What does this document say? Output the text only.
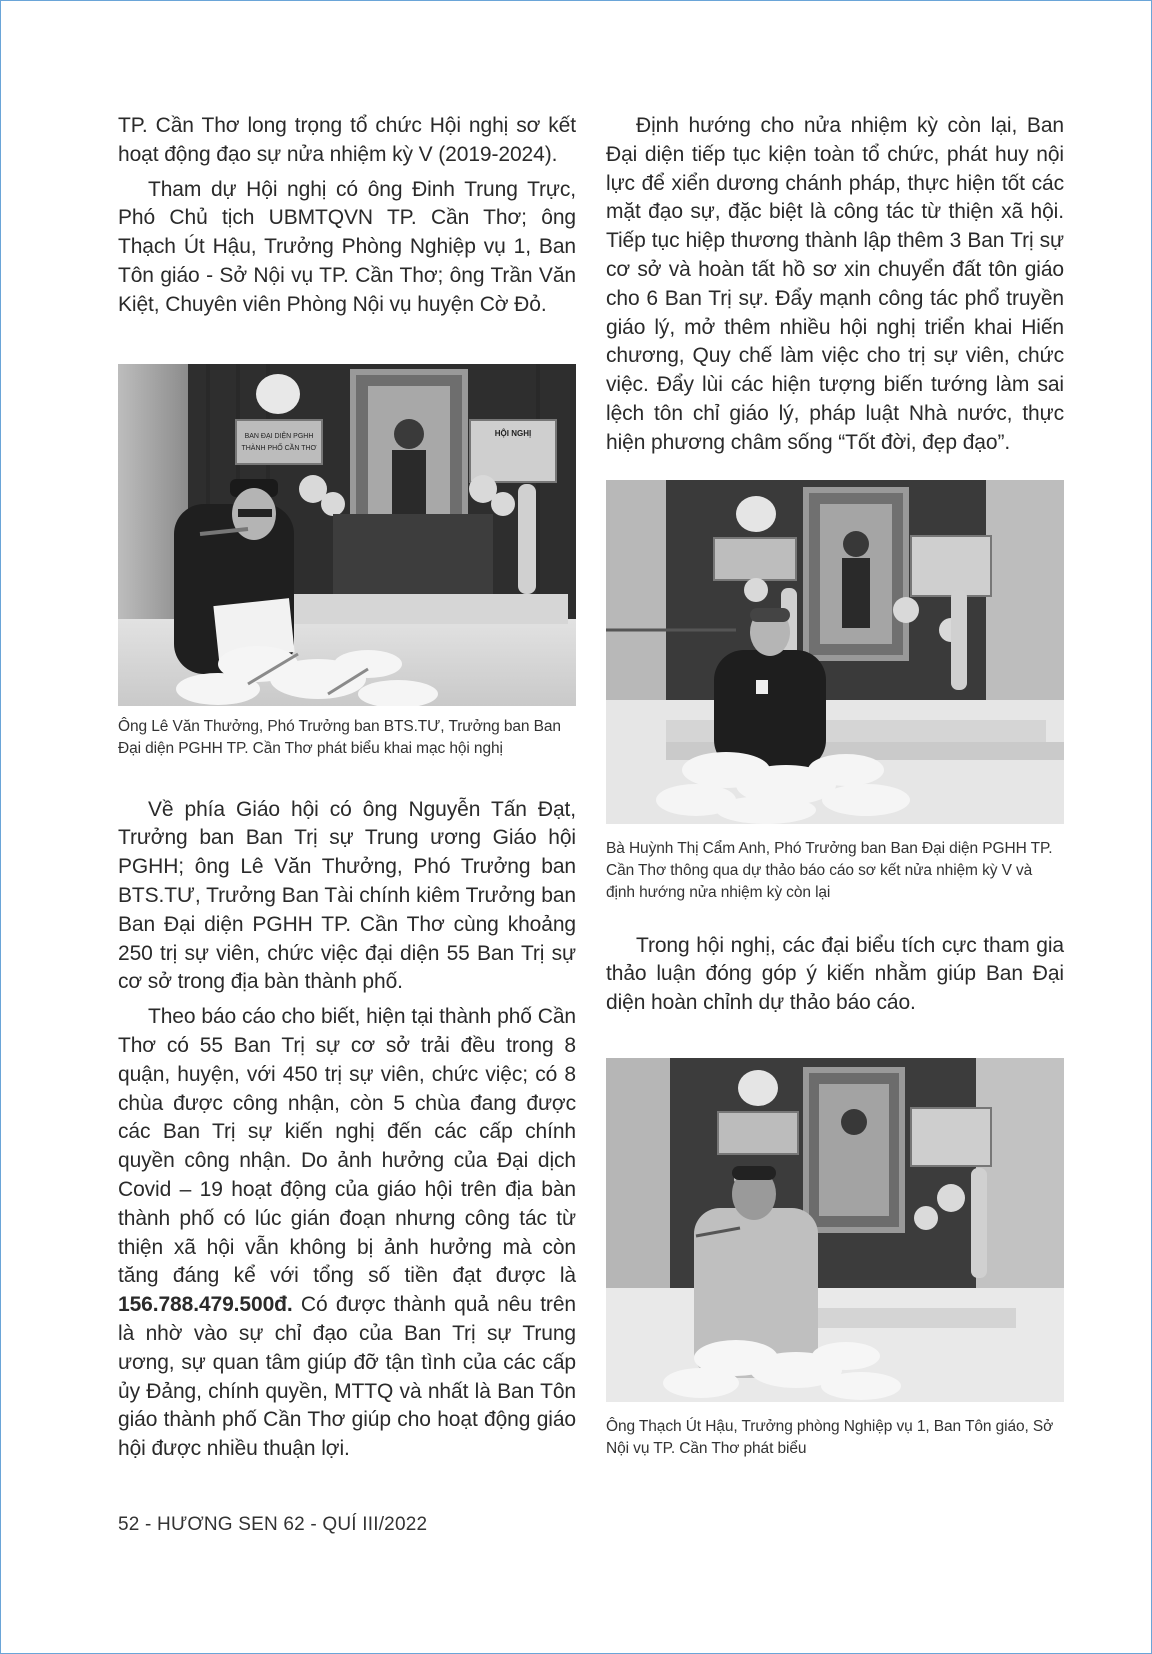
TP. Cần Thơ long trọng tổ chức Hội nghị sơ kết hoạt động đạo sự nửa nhiệm kỳ V (2019-2024).

Tham dự Hội nghị có ông Đinh Trung Trực, Phó Chủ tịch UBMTQVN TP. Cần Thơ; ông Thạch Út Hậu, Trưởng Phòng Nghiệp vụ 1, Ban Tôn giáo - Sở Nội vụ TP. Cần Thơ; ông Trần Văn Kiệt, Chuyên viên Phòng Nội vụ huyện Cờ Đỏ.

BAN ĐẠI DIỆN PGHH
THÀNH PHỐ CẦN THƠ
HỘI NGHỊ

Ông Lê Văn Thưởng, Phó Trưởng ban BTS.TƯ, Trưởng ban Ban Đại diện PGHH TP. Cần Thơ phát biểu khai mạc hội nghị

Về phía Giáo hội có ông Nguyễn Tấn Đạt, Trưởng ban Ban Trị sự Trung ương Giáo hội PGHH; ông Lê Văn Thưởng, Phó Trưởng ban BTS.TƯ, Trưởng Ban Tài chính kiêm Trưởng ban Ban Đại diện PGHH TP. Cần Thơ cùng khoảng 250 trị sự viên, chức việc đại diện 55 Ban Trị sự cơ sở trong địa bàn thành phố.

Theo báo cáo cho biết, hiện tại thành phố Cần Thơ có 55 Ban Trị sự cơ sở trải đều trong 8 quận, huyện, với 450 trị sự viên, chức việc; có 8 chùa được công nhận, còn 5 chùa đang được các Ban Trị sự kiến nghị đến các cấp chính quyền công nhận. Do ảnh hưởng của Đại dịch Covid – 19 hoạt động của giáo hội trên địa bàn thành phố có lúc gián đoạn nhưng công tác từ thiện xã hội vẫn không bị ảnh hưởng mà còn tăng đáng kể với tổng số tiền đạt được là 156.788.479.500đ. Có được thành quả nêu trên là nhờ vào sự chỉ đạo của Ban Trị sự Trung ương, sự quan tâm giúp đỡ tận tình của các cấp ủy Đảng, chính quyền, MTTQ và nhất là Ban Tôn giáo thành phố Cần Thơ giúp cho hoạt động giáo hội được nhiều thuận lợi.

Định hướng cho nửa nhiệm kỳ còn lại, Ban Đại diện tiếp tục kiện toàn tổ chức, phát huy nội lực để xiển dương chánh pháp, thực hiện tốt các mặt đạo sự, đặc biệt là công tác từ thiện xã hội. Tiếp tục hiệp thương thành lập thêm 3 Ban Trị sự cơ sở và hoàn tất hồ sơ xin chuyển đất tôn giáo cho 6 Ban Trị sự. Đẩy mạnh công tác phổ truyền giáo lý, mở thêm nhiều hội nghị triển khai Hiến chương, Quy chế làm việc cho trị sự viên, chức việc. Đẩy lùi các hiện tượng biến tướng làm sai lệch tôn chỉ giáo lý, pháp luật Nhà nước, thực hiện phương châm sống “Tốt đời, đẹp đạo”.

Bà Huỳnh Thị Cẩm Anh, Phó Trưởng ban Ban Đại diện PGHH TP. Cần Thơ thông qua dự thảo báo cáo sơ kết nửa nhiệm kỳ V và định hướng nửa nhiệm kỳ còn lại

Trong hội nghị, các đại biểu tích cực tham gia thảo luận đóng góp ý kiến nhằm giúp Ban Đại diện hoàn chỉnh dự thảo báo cáo.

Ông Thạch Út Hậu, Trưởng phòng Nghiệp vụ 1, Ban Tôn giáo, Sở Nội vụ TP. Cần Thơ phát biểu

52 - HƯƠNG SEN 62 - QUÍ III/2022
